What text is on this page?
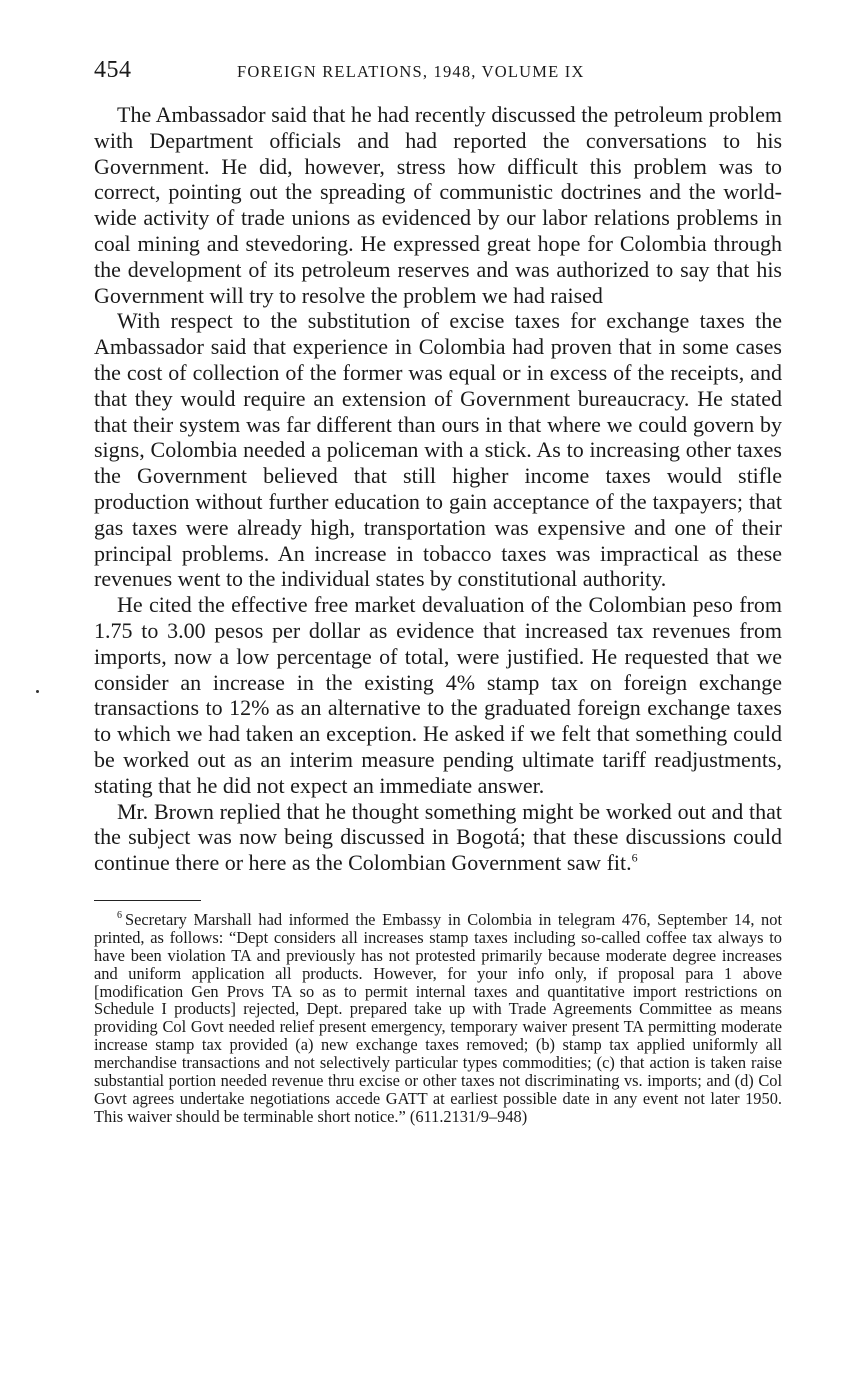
454	FOREIGN RELATIONS, 1948, VOLUME IX

The Ambassador said that he had recently discussed the petroleum problem with Department officials and had reported the conversations to his Government. He did, however, stress how difficult this problem was to correct, pointing out the spreading of communistic doctrines and the world-wide activity of trade unions as evidenced by our labor relations problems in coal mining and stevedoring. He expressed great hope for Colombia through the development of its petroleum reserves and was authorized to say that his Government will try to resolve the problem we had raised

With respect to the substitution of excise taxes for exchange taxes the Ambassador said that experience in Colombia had proven that in some cases the cost of collection of the former was equal or in excess of the receipts, and that they would require an extension of Government bureaucracy. He stated that their system was far different than ours in that where we could govern by signs, Colombia needed a policeman with a stick. As to increasing other taxes the Government believed that still higher income taxes would stifle production without further education to gain acceptance of the taxpayers; that gas taxes were already high, transportation was expensive and one of their principal problems. An increase in tobacco taxes was impractical as these revenues went to the individual states by constitutional authority.

He cited the effective free market devaluation of the Colombian peso from 1.75 to 3.00 pesos per dollar as evidence that increased tax revenues from imports, now a low percentage of total, were justified. He requested that we consider an increase in the existing 4% stamp tax on foreign exchange transactions to 12% as an alternative to the graduated foreign exchange taxes to which we had taken an exception. He asked if we felt that something could be worked out as an interim measure pending ultimate tariff readjustments, stating that he did not expect an immediate answer.

Mr. Brown replied that he thought something might be worked out and that the subject was now being discussed in Bogotá; that these discussions could continue there or here as the Colombian Government saw fit.$^6$

$^6$ Secretary Marshall had informed the Embassy in Colombia in telegram 476, September 14, not printed, as follows: “Dept considers all increases stamp taxes including so-called coffee tax always to have been violation TA and previously has not protested primarily because moderate degree increases and uniform application all products. However, for your info only, if proposal para 1 above [modification Gen Provs TA so as to permit internal taxes and quantitative import restrictions on Schedule I products] rejected, Dept. prepared take up with Trade Agreements Committee as means providing Col Govt needed relief present emergency, temporary waiver present TA permitting moderate increase stamp tax provided (a) new exchange taxes removed; (b) stamp tax applied uniformly all merchandise transactions and not selectively particular types commodities; (c) that action is taken raise substantial portion needed revenue thru excise or other taxes not discriminating vs. imports; and (d) Col Govt agrees undertake negotiations accede GATT at earliest possible date in any event not later 1950. This waiver should be terminable short notice.” (611.2131/9–948)
